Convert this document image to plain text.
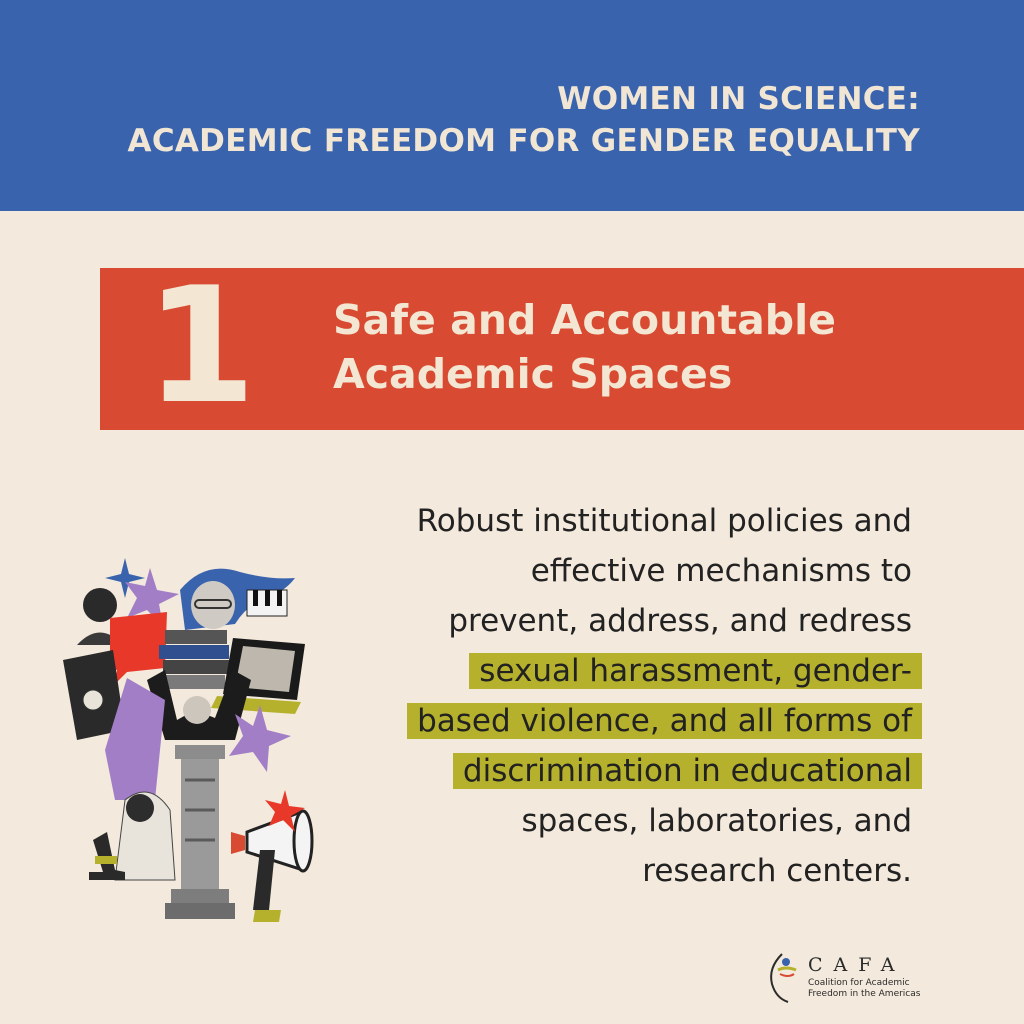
WOMEN IN SCIENCE:
ACADEMIC FREEDOM FOR GENDER EQUALITY
1 Safe and Accountable
Academic Spaces
Robust institutional policies and
effective mechanisms to
prevent, address, and redress
sexual harassment, gender-
based violence, and all forms of
discrimination in educational
spaces, laboratories, and
research centers.
CAFA
Coalition for Academic
Freedom in the Americas
